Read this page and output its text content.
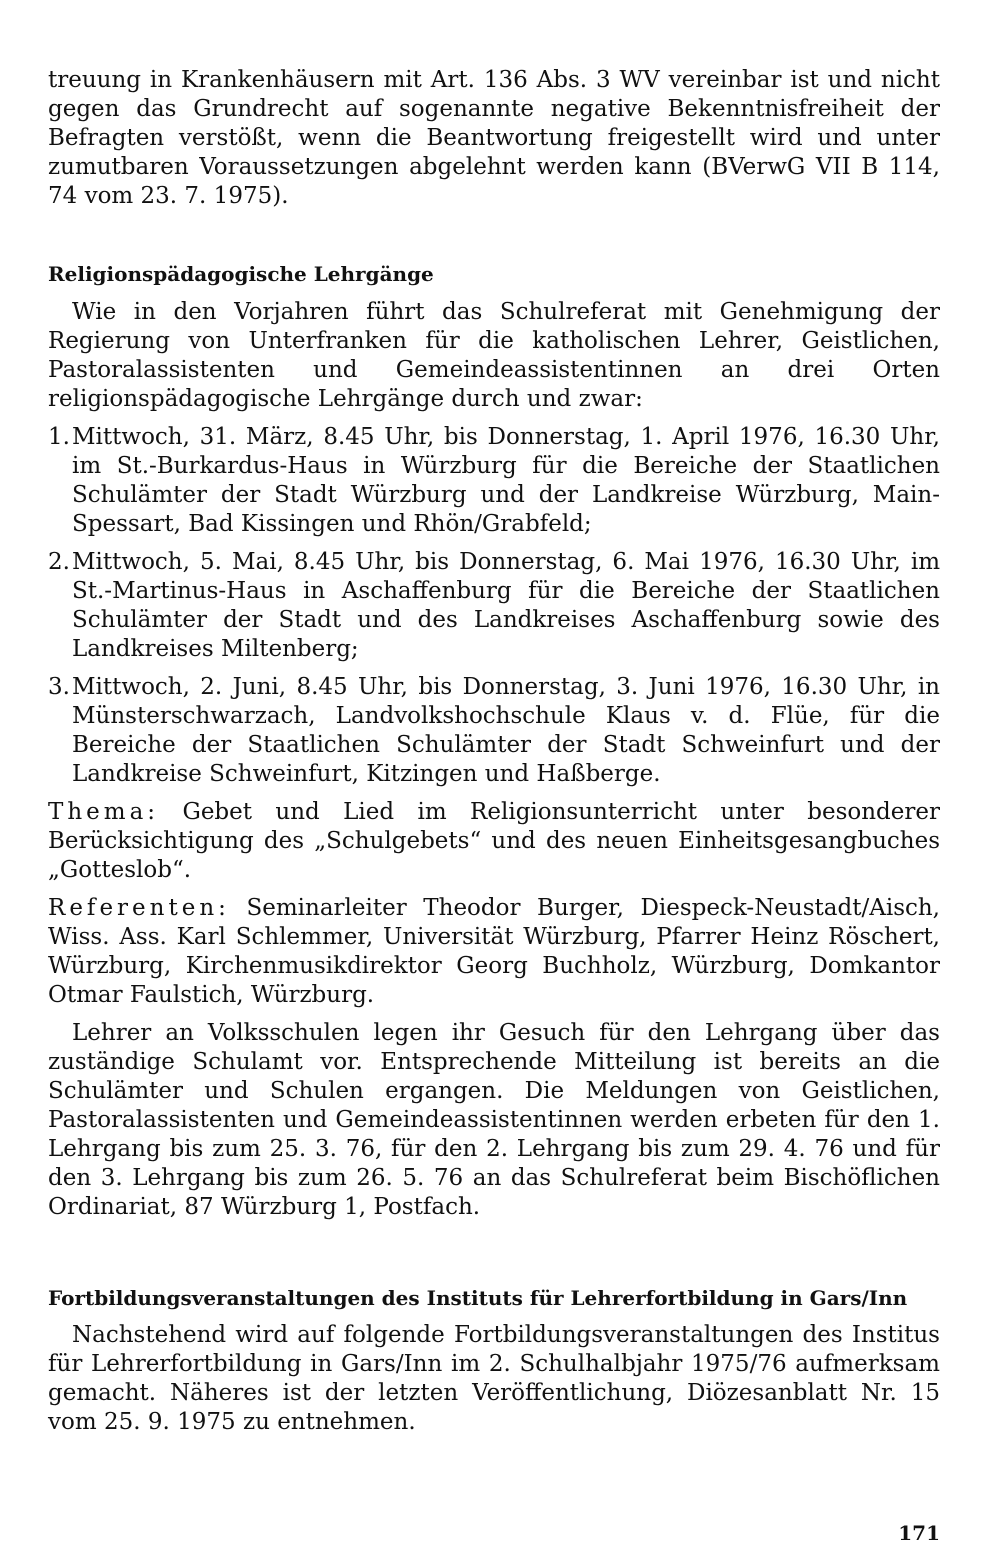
treuung in Krankenhäusern mit Art. 136 Abs. 3 WV vereinbar ist und nicht gegen das Grundrecht auf sogenannte negative Bekenntnisfreiheit der Befragten verstößt, wenn die Beantwortung freigestellt wird und unter zumutbaren Voraussetzungen abgelehnt werden kann (BVerwG VII B 114, 74 vom 23. 7. 1975).

Religionspädagogische Lehrgänge

Wie in den Vorjahren führt das Schulreferat mit Genehmigung der Regierung von Unterfranken für die katholischen Lehrer, Geistlichen, Pastoralassistenten und Gemeindeassistentinnen an drei Orten religionspädagogische Lehrgänge durch und zwar:

1. Mittwoch, 31. März, 8.45 Uhr, bis Donnerstag, 1. April 1976, 16.30 Uhr, im St.-Burkardus-Haus in Würzburg für die Bereiche der Staatlichen Schulämter der Stadt Würzburg und der Landkreise Würzburg, Main-Spessart, Bad Kissingen und Rhön/Grabfeld;
2. Mittwoch, 5. Mai, 8.45 Uhr, bis Donnerstag, 6. Mai 1976, 16.30 Uhr, im St.-Martinus-Haus in Aschaffenburg für die Bereiche der Staatlichen Schulämter der Stadt und des Landkreises Aschaffenburg sowie des Landkreises Miltenberg;
3. Mittwoch, 2. Juni, 8.45 Uhr, bis Donnerstag, 3. Juni 1976, 16.30 Uhr, in Münsterschwarzach, Landvolkshochschule Klaus v. d. Flüe, für die Bereiche der Staatlichen Schulämter der Stadt Schweinfurt und der Landkreise Schweinfurt, Kitzingen und Haßberge.

Thema: Gebet und Lied im Religionsunterricht unter besonderer Berücksichtigung des „Schulgebets“ und des neuen Einheitsgesangbuches „Gotteslob“.

Referenten: Seminarleiter Theodor Burger, Diespeck-Neustadt/Aisch, Wiss. Ass. Karl Schlemmer, Universität Würzburg, Pfarrer Heinz Röschert, Würzburg, Kirchenmusikdirektor Georg Buchholz, Würzburg, Domkantor Otmar Faulstich, Würzburg.

Lehrer an Volksschulen legen ihr Gesuch für den Lehrgang über das zuständige Schulamt vor. Entsprechende Mitteilung ist bereits an die Schulämter und Schulen ergangen. Die Meldungen von Geistlichen, Pastoralassistenten und Gemeindeassistentinnen werden erbeten für den 1. Lehrgang bis zum 25. 3. 76, für den 2. Lehrgang bis zum 29. 4. 76 und für den 3. Lehrgang bis zum 26. 5. 76 an das Schulreferat beim Bischöflichen Ordinariat, 87 Würzburg 1, Postfach.

Fortbildungsveranstaltungen des Instituts für Lehrerfortbildung in Gars/Inn

Nachstehend wird auf folgende Fortbildungsveranstaltungen des Institus für Lehrerfortbildung in Gars/Inn im 2. Schulhalbjahr 1975/76 aufmerksam gemacht. Näheres ist der letzten Veröffentlichung, Diözesanblatt Nr. 15 vom 25. 9. 1975 zu entnehmen.

171
